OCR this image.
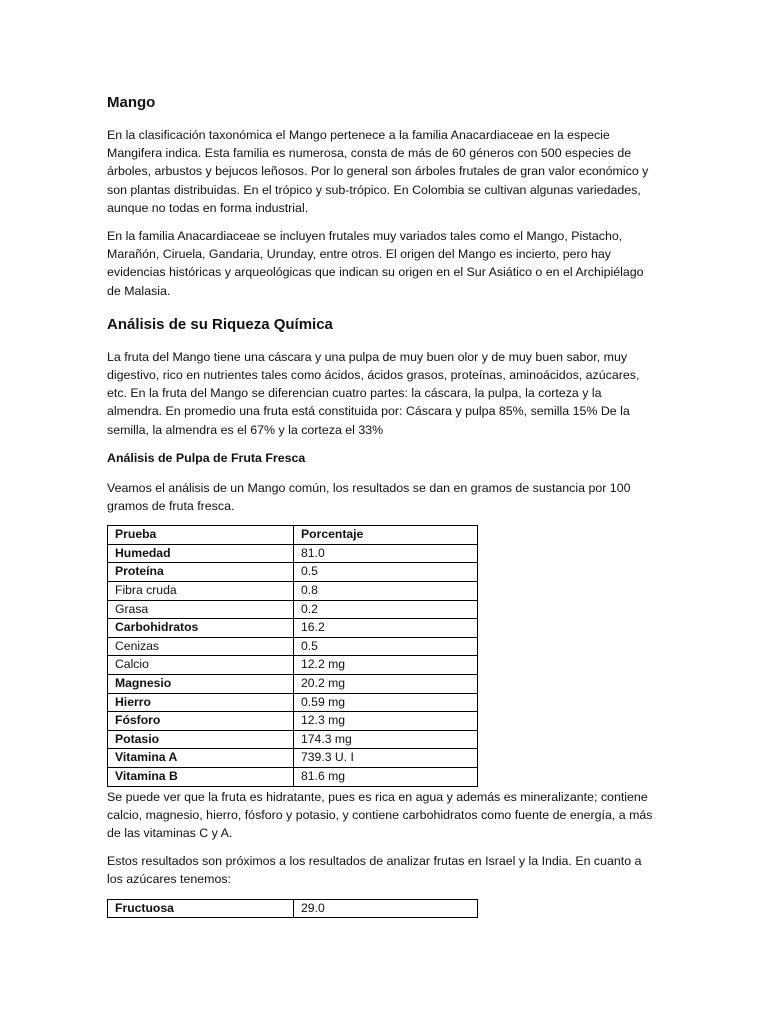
Mango

En la clasificación taxonómica el Mango pertenece a la familia Anacardiaceae en la especie Mangifera indica. Esta familia es numerosa, consta de más de 60 géneros con 500 especies de árboles, arbustos y bejucos leñosos. Por lo general son árboles frutales de gran valor económico y son plantas distribuidas. En el trópico y sub-trópico. En Colombia se cultivan algunas variedades, aunque no todas en forma industrial.

En la familia Anacardiaceae se incluyen frutales muy variados tales como el Mango, Pistacho, Marañón, Ciruela, Gandaria, Urunday, entre otros. El origen del Mango es incierto, pero hay evidencias históricas y arqueológicas que indican su origen en el Sur Asiático o en el Archipiélago de Malasia.

Análisis de su Riqueza Química

La fruta del Mango tiene una cáscara y una pulpa de muy buen olor y de muy buen sabor, muy digestivo, rico en nutrientes tales como ácidos, ácidos grasos, proteínas, aminoácidos, azúcares, etc. En la fruta del Mango se diferencian cuatro partes: la cáscara, la pulpa, la corteza y la almendra. En promedio una fruta está constituida por: Cáscara y pulpa 85%, semilla 15% De la semilla, la almendra es el 67% y la corteza el 33%

Análisis de Pulpa de Fruta Fresca

Veamos el análisis de un Mango común, los resultados se dan en gramos de sustancia por 100 gramos de fruta fresca.

Prueba	Porcentaje
Humedad	81.0
Proteína	0.5
Fibra cruda	0.8
Grasa	0.2
Carbohidratos	16.2
Cenizas	0.5
Calcio	12.2 mg
Magnesio	20.2 mg
Hierro	0.59 mg
Fósforo	12.3 mg
Potasio	174.3 mg
Vitamina A	739.3 U. I
Vitamina B	81.6 mg

Se puede ver que la fruta es hidratante, pues es rica en agua y además es mineralizante; contiene calcio, magnesio, hierro, fósforo y potasio, y contiene carbohidratos como fuente de energía, a más de las vitaminas C y A.

Estos resultados son próximos a los resultados de analizar frutas en Israel y la India. En cuanto a los azúcares tenemos:

Fructuosa	29.0
